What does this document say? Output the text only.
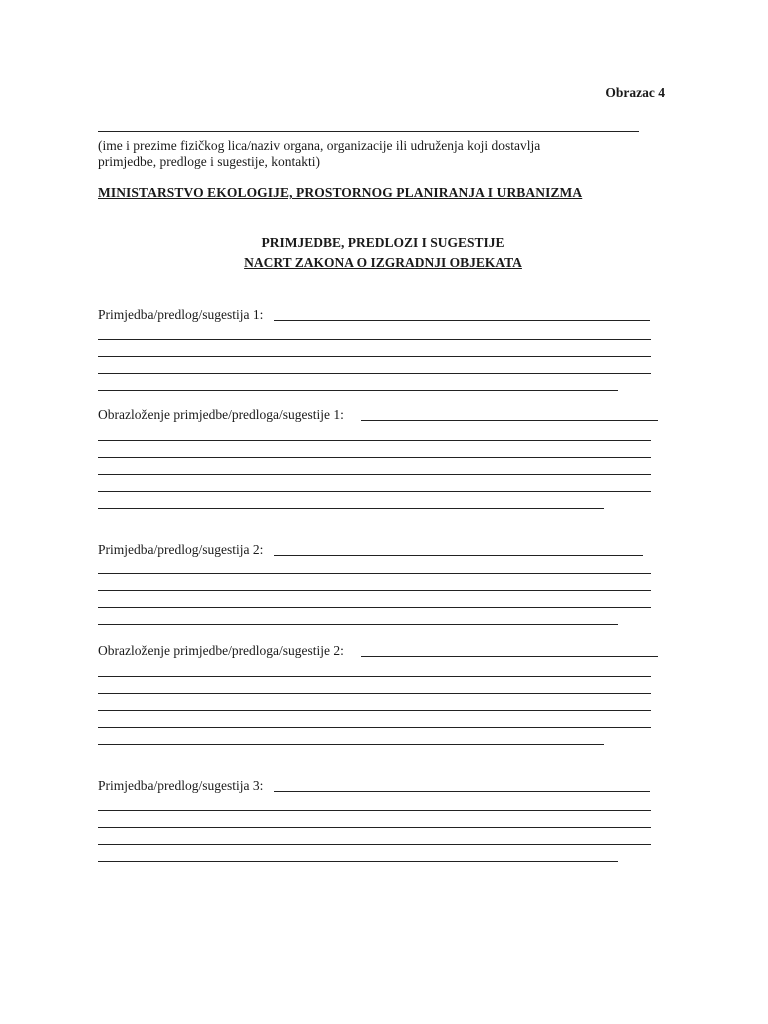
Obrazac 4
(ime i prezime fizičkog lica/naziv organa, organizacije ili udruženja koji dostavlja
primjedbe, predloge i sugestije, kontakti)
MINISTARSTVO EKOLOGIJE, PROSTORNOG PLANIRANJA I URBANIZMA
PRIMJEDBE, PREDLOZI I SUGESTIJE
NACRT ZAKONA O IZGRADNJI OBJEKATA
Primjedba/predlog/sugestija 1:
Obrazloženje primjedbe/predloga/sugestije 1:
Primjedba/predlog/sugestija 2:
Obrazloženje primjedbe/predloga/sugestije 2:
Primjedba/predlog/sugestija 3:
